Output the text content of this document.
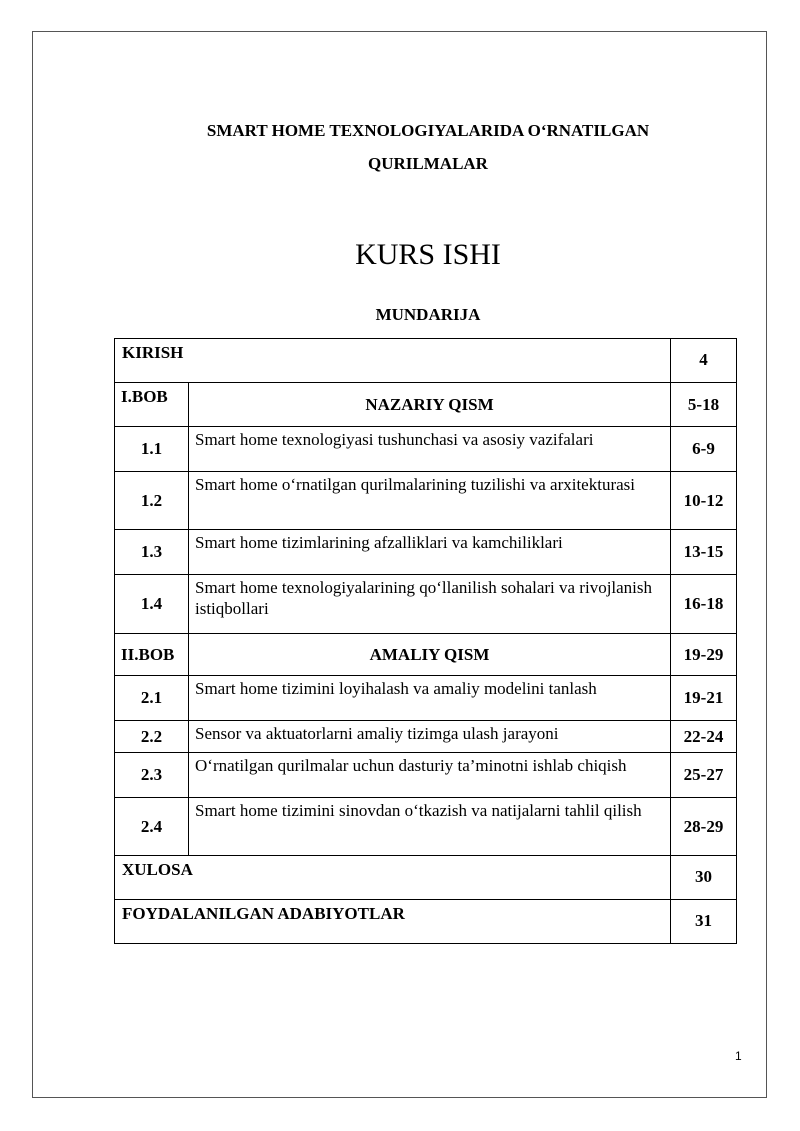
SMART HOME TEXNOLOGIYALARIDA O‘RNATILGAN
QURILMALAR
KURS ISHI
MUNDARIJA
KIRISH		4
I.BOB	NAZARIY QISM	5-18
1.1	Smart home texnologiyasi tushunchasi va asosiy vazifalari	6-9
1.2	Smart home o‘rnatilgan qurilmalarining tuzilishi va arxitekturasi	10-12
1.3	Smart home tizimlarining afzalliklari va kamchiliklari	13-15
1.4	Smart home texnologiyalarining qo‘llanilish sohalari va rivojlanish istiqbollari	16-18
II.BOB	AMALIY QISM	19-29
2.1	Smart home tizimini loyihalash va amaliy modelini tanlash	19-21
2.2	Sensor va aktuatorlarni amaliy tizimga ulash jarayoni	22-24
2.3	O‘rnatilgan qurilmalar uchun dasturiy ta’minotni ishlab chiqish	25-27
2.4	Smart home tizimini sinovdan o‘tkazish va natijalarni tahlil qilish	28-29
XULOSA		30
FOYDALANILGAN ADABIYOTLAR		31
1
